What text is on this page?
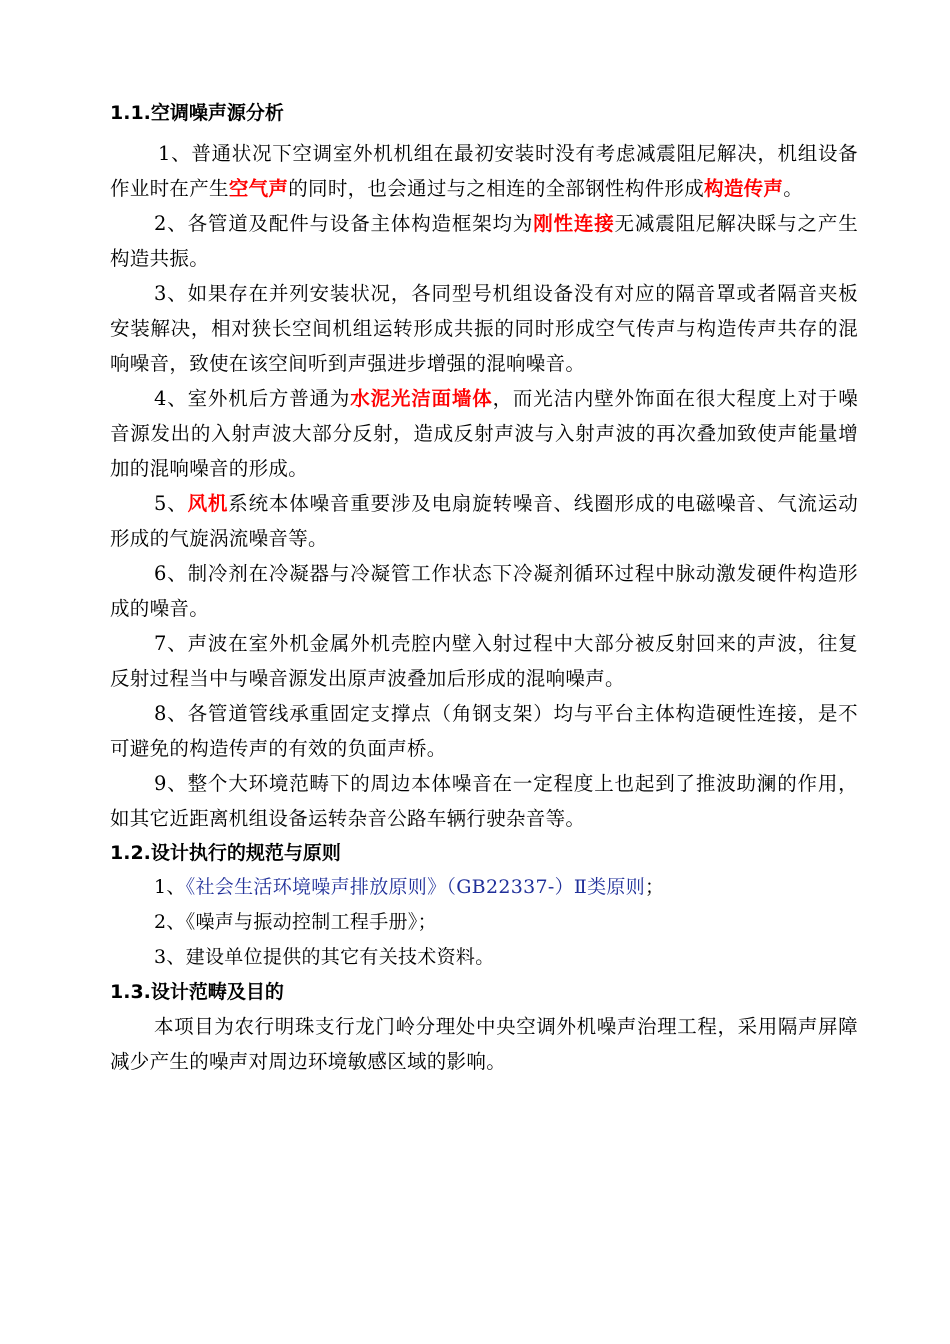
1.1.空调噪声源分析

1、普通状况下空调室外机机组在最初安装时没有考虑减震阻尼解决，机组设备作业时在产生空气声的同时，也会通过与之相连的全部钢性构件形成构造传声。

2、各管道及配件与设备主体构造框架均为刚性连接无减震阻尼解决睬与之产生构造共振。

3、如果存在并列安装状况，各同型号机组设备没有对应的隔音罩或者隔音夹板安装解决，相对狭长空间机组运转形成共振的同时形成空气传声与构造传声共存的混响噪音，致使在该空间听到声强进步增强的混响噪音。

4、室外机后方普通为水泥光洁面墙体，而光洁内壁外饰面在很大程度上对于噪音源发出的入射声波大部分反射，造成反射声波与入射声波的再次叠加致使声能量增加的混响噪音的形成。

5、风机系统本体噪音重要涉及电扇旋转噪音、线圈形成的电磁噪音、气流运动形成的气旋涡流噪音等。

6、制冷剂在冷凝器与冷凝管工作状态下冷凝剂循环过程中脉动激发硬件构造形成的噪音。

7、声波在室外机金属外机壳腔内壁入射过程中大部分被反射回来的声波，往复反射过程当中与噪音源发出原声波叠加后形成的混响噪声。

8、各管道管线承重固定支撑点（角钢支架）均与平台主体构造硬性连接，是不可避免的构造传声的有效的负面声桥。

9、整个大环境范畴下的周边本体噪音在一定程度上也起到了推波助澜的作用，如其它近距离机组设备运转杂音公路车辆行驶杂音等。

1.2.设计执行的规范与原则

1、《社会生活环境噪声排放原则》（GB22337-）Ⅱ类原则；

2、《噪声与振动控制工程手册》；

3、建设单位提供的其它有关技术资料。

1.3.设计范畴及目的

本项目为农行明珠支行龙门岭分理处中央空调外机噪声治理工程，采用隔声屏障减少产生的噪声对周边环境敏感区域的影响。
